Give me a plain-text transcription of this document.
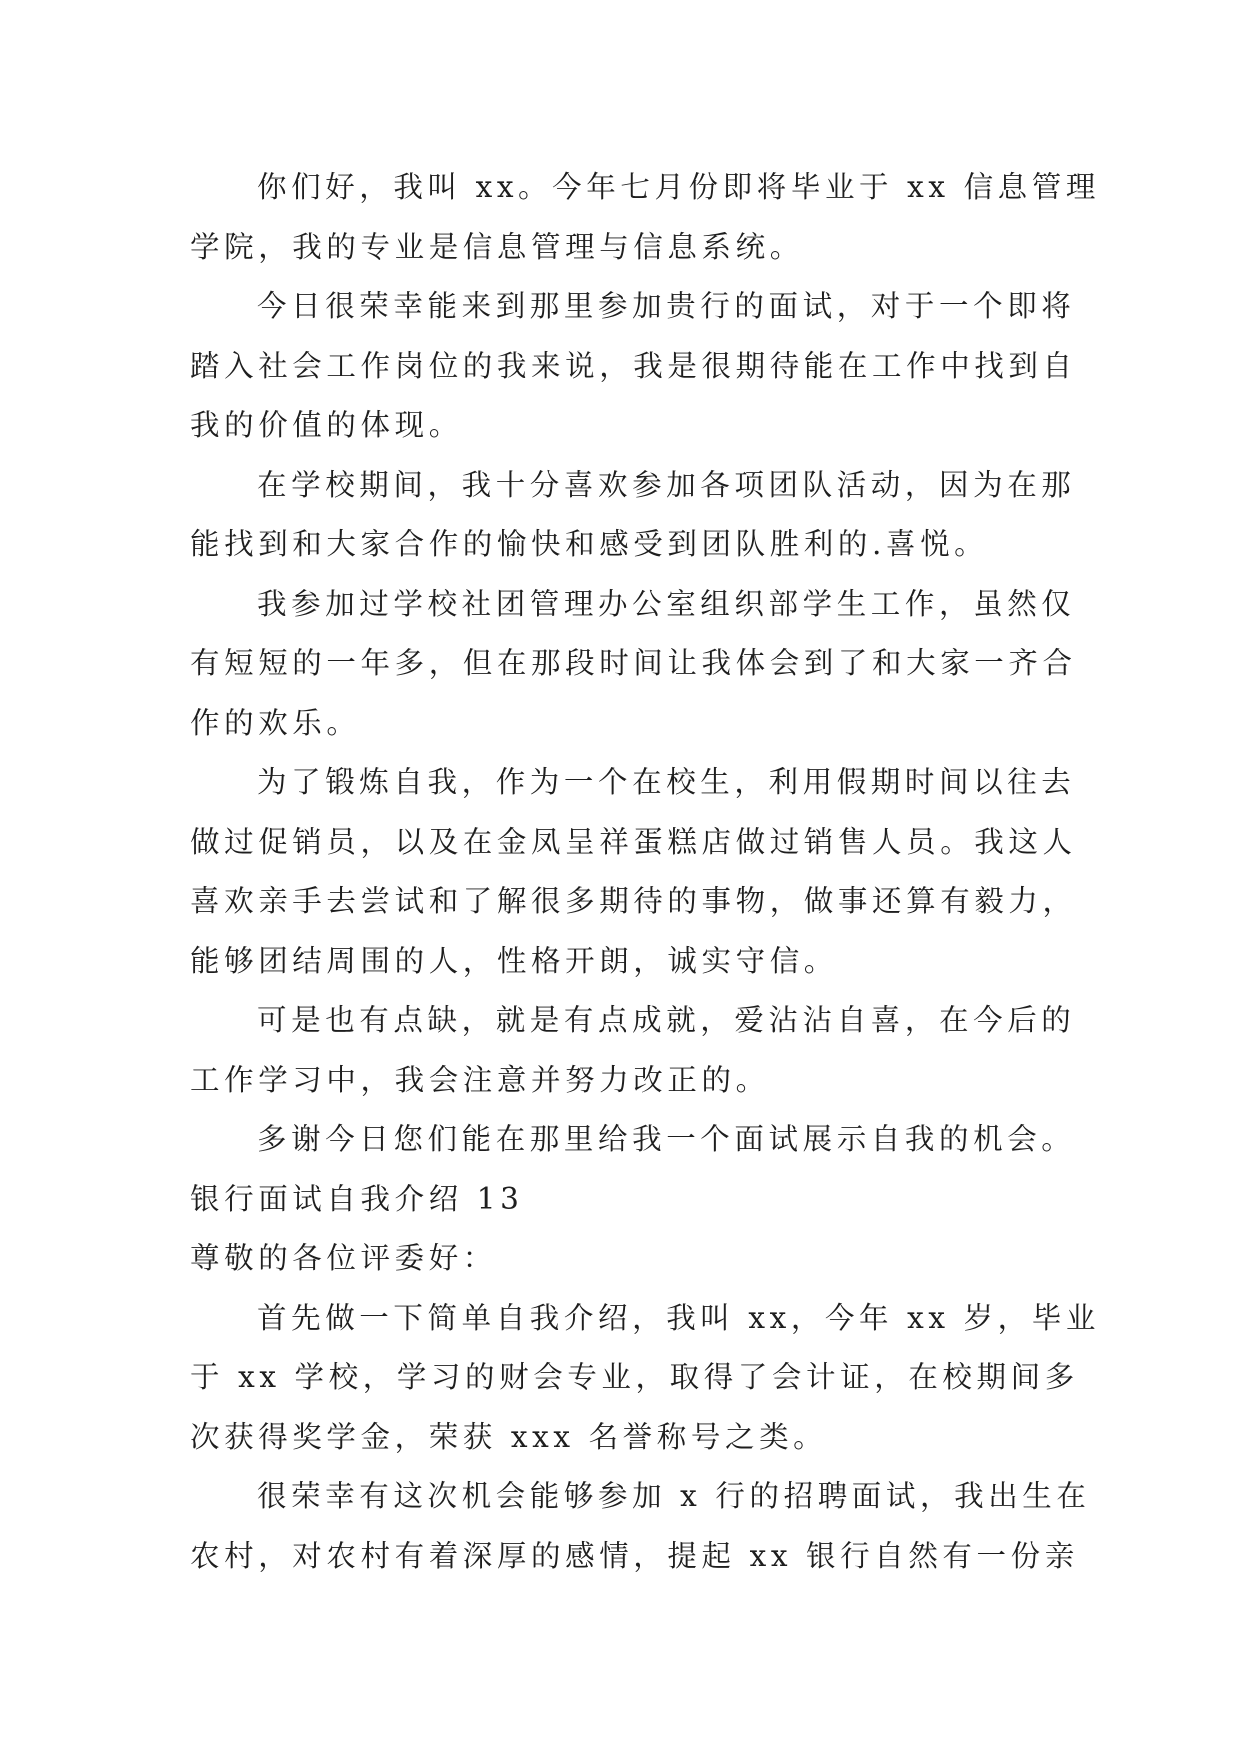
你们好，我叫 xx。今年七月份即将毕业于 xx 信息管理
学院，我的专业是信息管理与信息系统。
今日很荣幸能来到那里参加贵行的面试，对于一个即将
踏入社会工作岗位的我来说，我是很期待能在工作中找到自
我的价值的体现。
在学校期间，我十分喜欢参加各项团队活动，因为在那
能找到和大家合作的愉快和感受到团队胜利的.喜悦。
我参加过学校社团管理办公室组织部学生工作，虽然仅
有短短的一年多，但在那段时间让我体会到了和大家一齐合
作的欢乐。
为了锻炼自我，作为一个在校生，利用假期时间以往去
做过促销员，以及在金凤呈祥蛋糕店做过销售人员。我这人
喜欢亲手去尝试和了解很多期待的事物，做事还算有毅力，
能够团结周围的人，性格开朗，诚实守信。
可是也有点缺，就是有点成就，爱沾沾自喜，在今后的
工作学习中，我会注意并努力改正的。
多谢今日您们能在那里给我一个面试展示自我的机会。
银行面试自我介绍 13
尊敬的各位评委好：
首先做一下简单自我介绍，我叫 xx，今年 xx 岁，毕业
于 xx 学校，学习的财会专业，取得了会计证，在校期间多
次获得奖学金，荣获 xxx 名誉称号之类。
很荣幸有这次机会能够参加 x 行的招聘面试，我出生在
农村，对农村有着深厚的感情，提起 xx 银行自然有一份亲
